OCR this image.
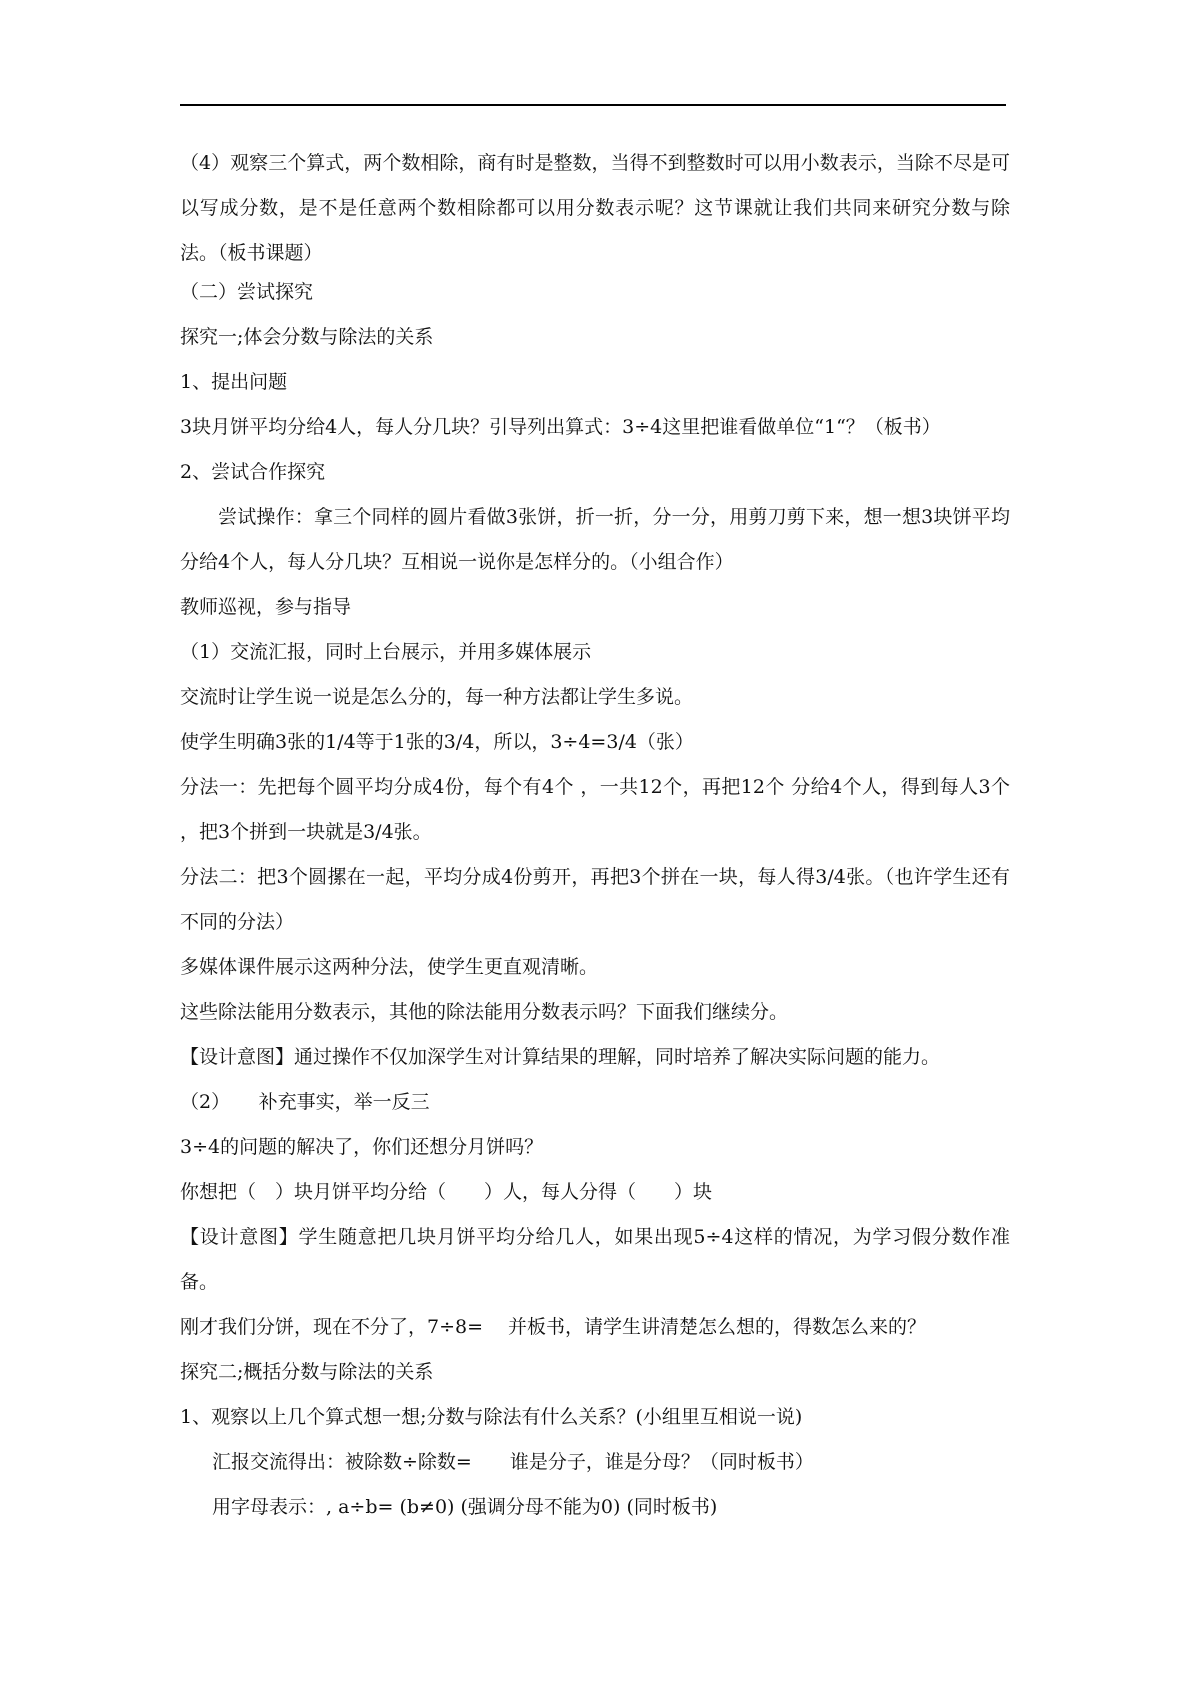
（4）观察三个算式，两个数相除，商有时是整数，当得不到整数时可以用小数表示，当除不尽是可以写成分数，是不是任意两个数相除都可以用分数表示呢？这节课就让我们共同来研究分数与除法。（板书课题）

（二）尝试探究

探究一;体会分数与除法的关系

1、提出问题

3块月饼平均分给4人，每人分几块？引导列出算式：3÷4这里把谁看做单位“1“？（板书）

2、尝试合作探究

尝试操作：拿三个同样的圆片看做3张饼，折一折，分一分，用剪刀剪下来，想一想3块饼平均分给4个人，每人分几块？互相说一说你是怎样分的。（小组合作）

教师巡视，参与指导

（1）交流汇报，同时上台展示，并用多媒体展示

交流时让学生说一说是怎么分的，每一种方法都让学生多说。

使学生明确3张的1/4等于1张的3/4，所以，3÷4=3/4（张）

分法一：先把每个圆平均分成4份，每个有4个 ，一共12个，再把12个 分给4个人，得到每人3个 ，把3个拼到一块就是3/4张。

分法二：把3个圆摞在一起，平均分成4份剪开，再把3个拼在一块，每人得3/4张。（也许学生还有不同的分法）

多媒体课件展示这两种分法，使学生更直观清晰。

这些除法能用分数表示，其他的除法能用分数表示吗？下面我们继续分。

【设计意图】通过操作不仅加深学生对计算结果的理解，同时培养了解决实际问题的能力。

（2）　　补充事实，举一反三

3÷4的问题的解决了，你们还想分月饼吗？

你想把（　）块月饼平均分给（　　）人，每人分得（　　）块

【设计意图】学生随意把几块月饼平均分给几人，如果出现5÷4这样的情况，为学习假分数作准备。

刚才我们分饼，现在不分了，7÷8=　 并板书，请学生讲清楚怎么想的，得数怎么来的？

探究二;概括分数与除法的关系

1、观察以上几个算式想一想;分数与除法有什么关系？(小组里互相说一说)

汇报交流得出：被除数÷除数=　　谁是分子，谁是分母？（同时板书）

用字母表示：, a÷b= (b≠0) (强调分母不能为0) (同时板书)
